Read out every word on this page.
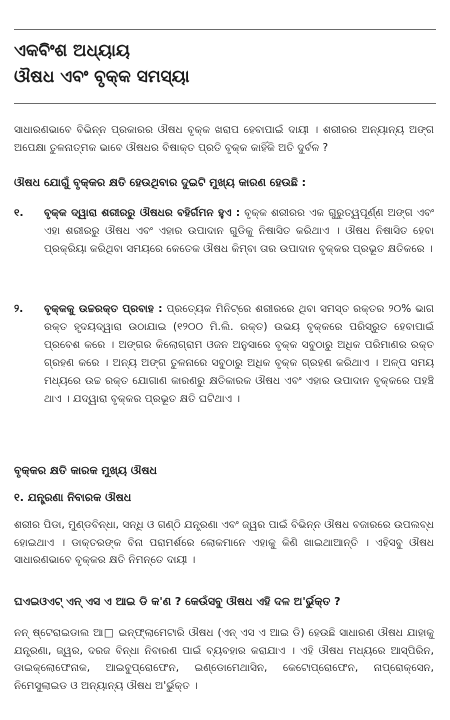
ଏକବିଂଶ ଅଧ୍ୟାୟ
ଔଷଧ ଏବଂ ବୃକ୍କ ସମସ୍ୟା
ସାଧାରଣଭାବେ ବିଭିନ୍ନ ପ୍ରକାରର ଔଷଧ ବୃକ୍କ ଖରାପ ହେବାପାଇଁ ଦାୟୀ । ଶରୀରର ଅନ୍ୟାନ୍ୟ ଅଙ୍ଗ ଅପେକ୍ଷା ତୁଳନାତ୍ମକ ଭାବେ ଔଷଧର ବିଷାକ୍ତ ପ୍ରତି ବୃକ୍କ କାହିଁକି ଅତି ଦୁର୍ବଳ ?
ଔଷଧ ଯୋଗୁଁ ବୃକ୍କର କ୍ଷତି ହେଉଥିବାର ଦୁଇଟି ମୁଖ୍ୟ କାରଣ ହେଉଛି :
୧. ବୃକ୍କ ଦ୍ୱାରା ଶରୀରରୁ ଔଷଧର ବହିର୍ଗମନ ହୁଏ : ବୃକ୍କ ଶରୀରର ଏକ ଗୁରୁତ୍ୱପୂର୍ଣ୍ଣ ଅଙ୍ଗ ଏବଂ ଏହା ଶରୀରରୁ ଔଷଧ ଏବଂ ଏହାର ଉପାଦାନ ଗୁଡିକୁ ନିଷାସିତ କରିଥାଏ । ଔଷଧ ନିଷାସିତ ହେବା ପ୍ରକ୍ରିୟା କରିଥିବା ସମୟରେ କେତେକ ଔଷଧ କିମ୍ବା ତାର ଉପାଦାନ ବୃକ୍କର ପ୍ରଭୂତ କ୍ଷତିକରେ ।
୨. ବୃକ୍କକୁ ଉଚ୍ଚରକ୍ତ ପ୍ରବାହ : ପ୍ରତ୍ୟେକ ମିନିଟ୍‌ରେ ଶରୀରରେ ଥିବା ସମସ୍ତ ରକ୍ତର ୨୦% ଭାଗ ରକ୍ତ ହୃଦୟଦ୍ୱାରା ଉଠାଯାଇ (୧୨୦୦ ମି.ଲି. ରକ୍ତ) ଉଭୟ ବୃକ୍କରେ ପରିସ୍ରୁତ ହେବାପାଇଁ ପ୍ରବେଶ କରେ । ଅଙ୍ଗର କିଲୋଗ୍ରାମ ଓଜନ ଅନୁସାରେ ବୃକ୍କ ସବୁଠାରୁ ଅଧିକ ପରିମାଣର ରକ୍ତ ଗ୍ରହଣ କରେ । ଅନ୍ୟ ଅଙ୍ଗ ତୁଳନାରେ ସବୁଠାରୁ ଅଧିକ ବୃକ୍କ ଗ୍ରହଣ କରିଥାଏ । ଅଳ୍ପ ସମୟ ମଧ୍ୟରେ ଉଚ୍ଚ ରକ୍ତ ଯୋଗାଣ କାରଣରୁ କ୍ଷତିକାରକ ଔଷଧ ଏବଂ ଏହାର ଉପାଦାନ ବୃକ୍କରେ ପହଞ୍ଚି ଥାଏ । ଯଦ୍ୱାରା ବୃକ୍କର ପ୍ରଭୂତ କ୍ଷତି ଘଟିଥାଏ ।
ବୃକ୍କର କ୍ଷତି କାରକ ମୁଖ୍ୟ ଔଷଧ
୧. ଯନ୍ତ୍ରଣା ନିବାରକ ଔଷଧ
ଶରୀର ପିଡା, ମୁଣ୍ଡବିନ୍ଧା, ସନ୍ଧି ଓ ଗଣ୍ଠି ଯନ୍ତ୍ରଣା ଏବଂ ଜ୍ୱର ପାଇଁ ବିଭିନ୍ନ ଔଷଧ ବଜାରରେ ଉପଲବ୍ଧ ହୋଇଥାଏ । ଡାକ୍ତରଙ୍କ ବିନା ପରାମର୍ଶରେ ଲୋକମାନେ ଏହାକୁ କିଣି ଖାଇଥାଆନ୍ତି । ଏହିସବୁ ଔଷଧ ସାଧାରଣଭାବେ ବୃକ୍କର କ୍ଷତି ନିମନ୍ତେ ଦାୟୀ ।
ଘଏଇଓଏଟ୍ ଏନ୍ ଏସ ଏ ଆଇ ଡି କ'ଣ ? କେଉଁସବୁ ଔଷଧ ଏହି ଦଳ ଅ'ର୍ଭୁକ୍ତ ?
ନନ୍ ଷ୍ଟେରାଇଡାଲ ଆ□ ଇନ୍‌ଫ୍ଲାମେଟାରି ଔଷଧ (ଏନ୍ ଏସ ଏ ଆଇ ଡି) ହେଉଛି ସାଧାରଣ ଔଷଧ ଯାହାକୁ ଯନ୍ତ୍ରଣା, ଜ୍ୱର, ଦରଜ ବିନ୍ଧା ନିବାରଣ ପାଇଁ ବ୍ୟବହାର କରାଯାଏ । ଏହି ଔଷଧ ମଧ୍ୟରେ ଆସ୍ପିରିନ, ଡାଇକ୍ଲୋଫେନାକ, ଆଇବୁପ୍ରୋଫେନ, ଇଣ୍ଡୋମେଥାସିନ, କେଟୋପ୍ରୋଫେନ, ନାପ୍ରୋକ୍ସେନ, ନିମେସୁଲାଇଡ ଓ ଅନ୍ୟାନ୍ୟ ଔଷଧ ଅ'ର୍ଭୁକ୍ତ ।
